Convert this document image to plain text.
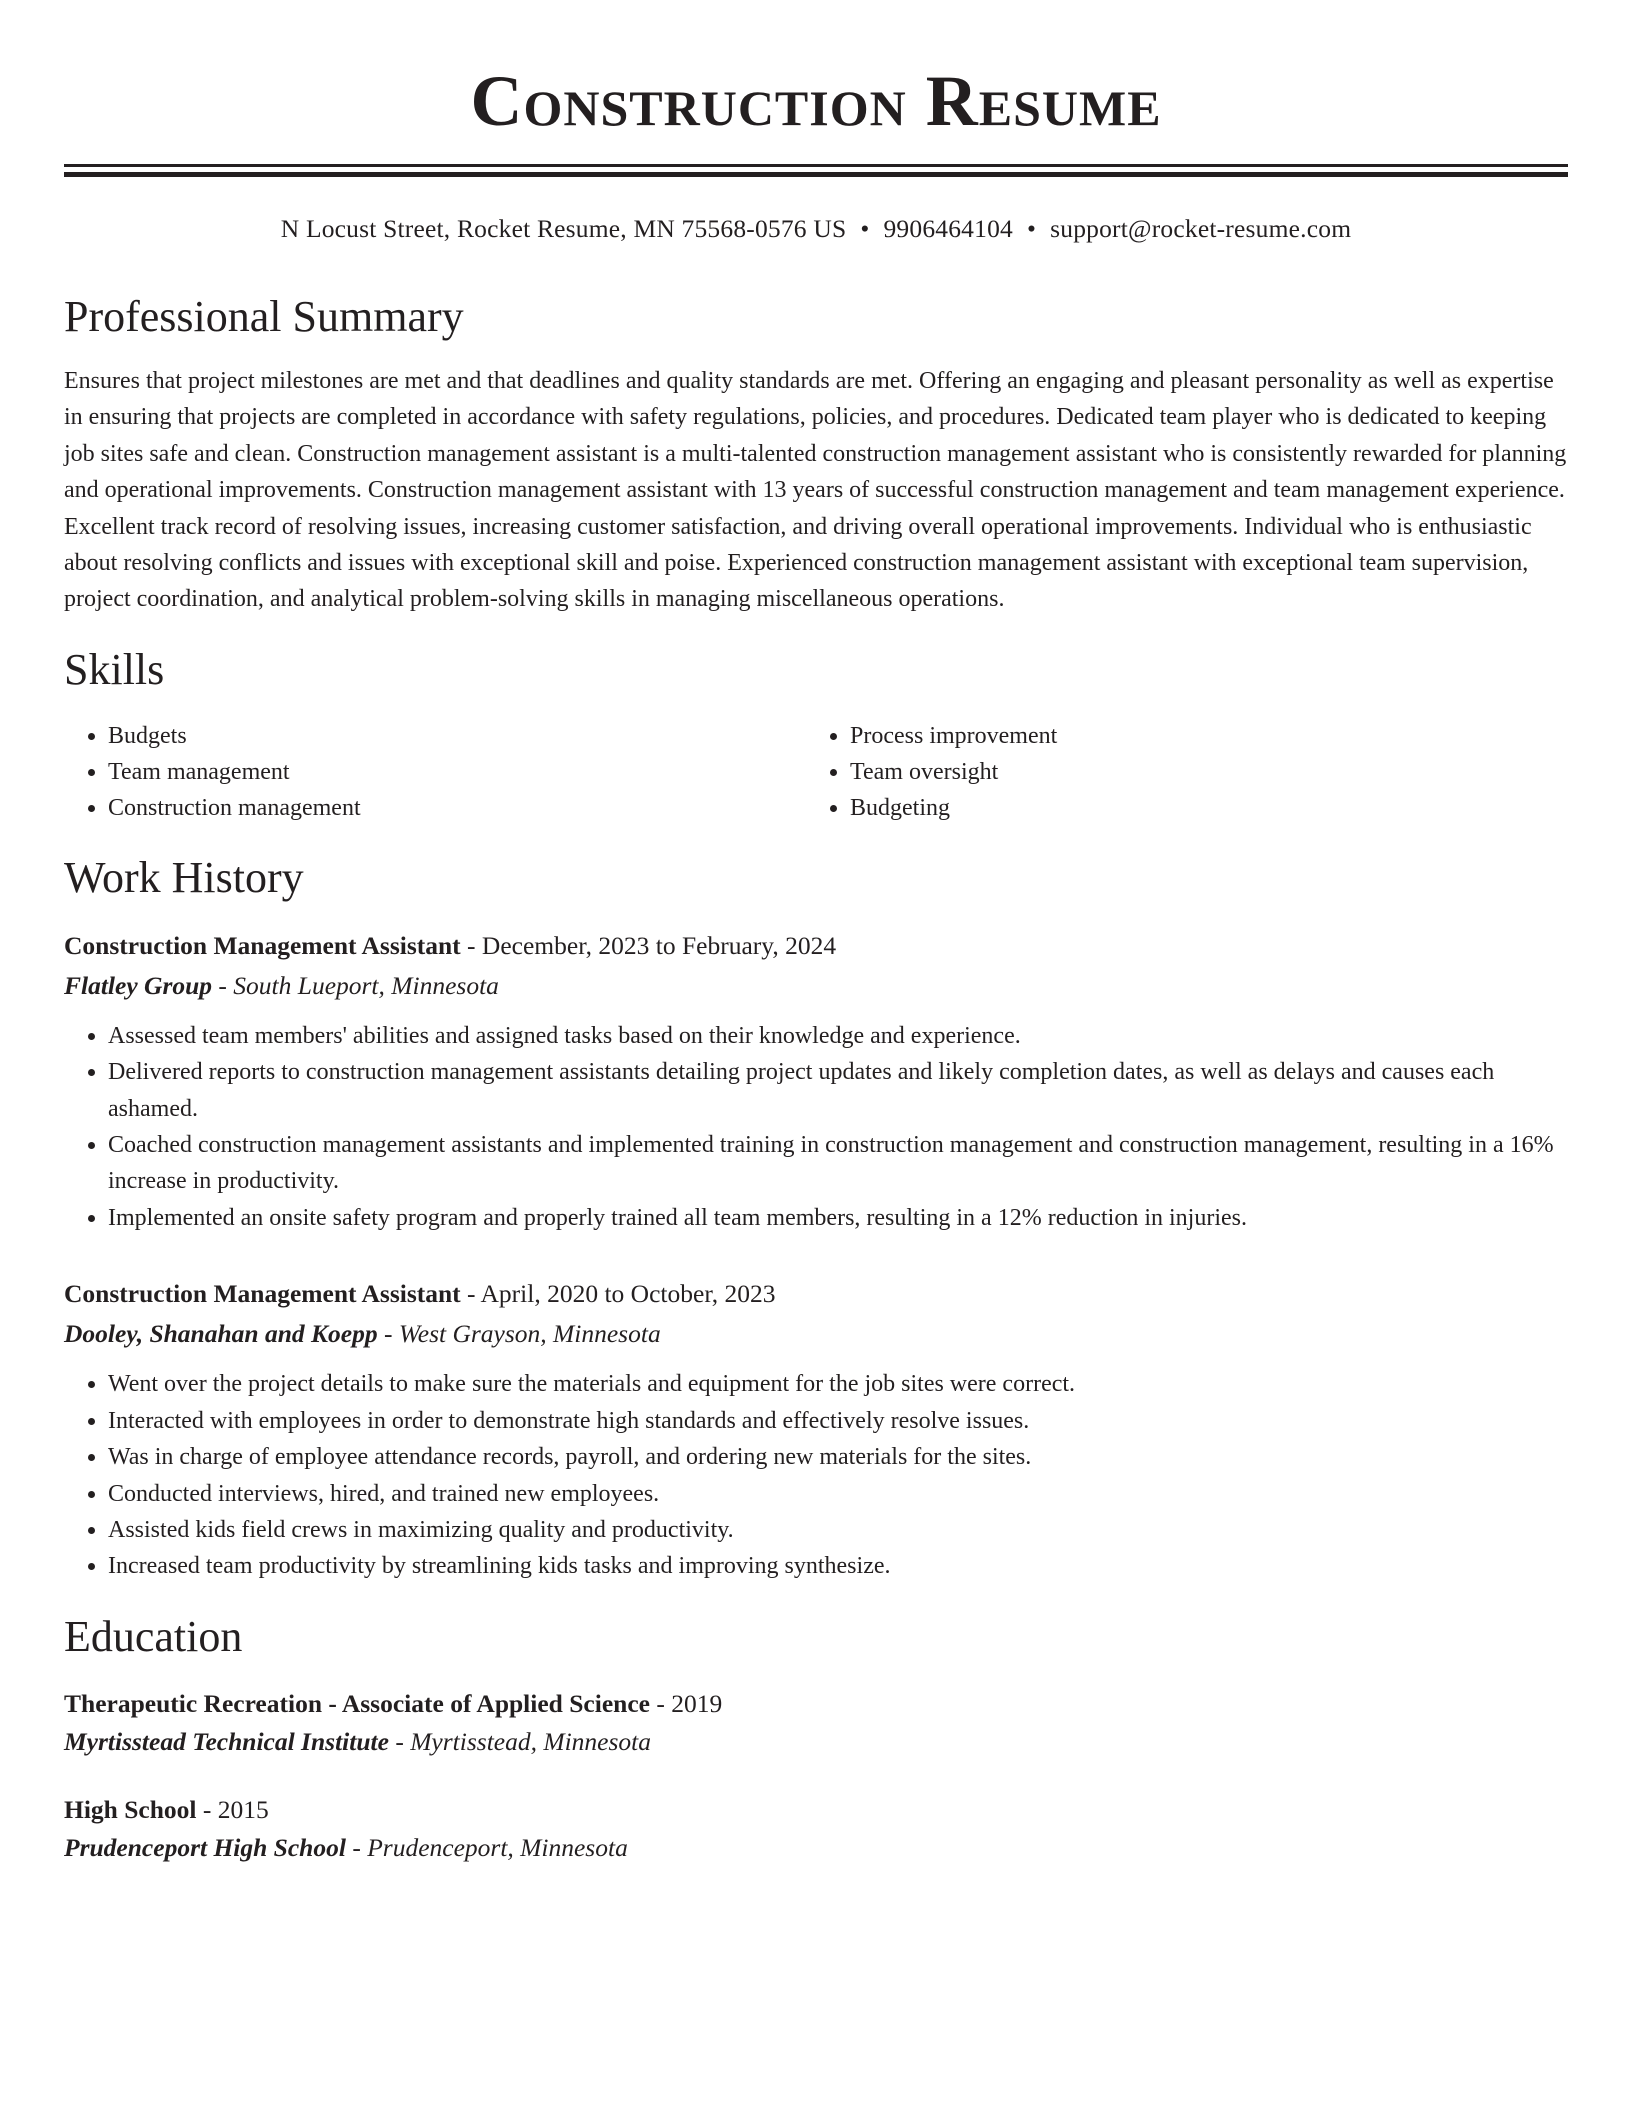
Construction Resume
N Locust Street, Rocket Resume, MN 75568-0576 US • 9906464104 • support@rocket-resume.com
Professional Summary

Ensures that project milestones are met and that deadlines and quality standards are met. Offering an engaging and pleasant personality as well as expertise in ensuring that projects are completed in accordance with safety regulations, policies, and procedures. Dedicated team player who is dedicated to keeping job sites safe and clean. Construction management assistant is a multi-talented construction management assistant who is consistently rewarded for planning and operational improvements. Construction management assistant with 13 years of successful construction management and team management experience. Excellent track record of resolving issues, increasing customer satisfaction, and driving overall operational improvements. Individual who is enthusiastic about resolving conflicts and issues with exceptional skill and poise. Experienced construction management assistant with exceptional team supervision, project coordination, and analytical problem-solving skills in managing miscellaneous operations.

Skills
• Budgets
• Team management
• Construction management
• Process improvement
• Team oversight
• Budgeting
Work History
Construction Management Assistant - December, 2023 to February, 2024
Flatley Group - South Lueport, Minnesota
• Assessed team members' abilities and assigned tasks based on their knowledge and experience.
• Delivered reports to construction management assistants detailing project updates and likely completion dates, as well as delays and causes each ashamed.
• Coached construction management assistants and implemented training in construction management and construction management, resulting in a 16% increase in productivity.
• Implemented an onsite safety program and properly trained all team members, resulting in a 12% reduction in injuries.
Construction Management Assistant - April, 2020 to October, 2023
Dooley, Shanahan and Koepp - West Grayson, Minnesota
• Went over the project details to make sure the materials and equipment for the job sites were correct.
• Interacted with employees in order to demonstrate high standards and effectively resolve issues.
• Was in charge of employee attendance records, payroll, and ordering new materials for the sites.
• Conducted interviews, hired, and trained new employees.
• Assisted kids field crews in maximizing quality and productivity.
• Increased team productivity by streamlining kids tasks and improving synthesize.
Education
Therapeutic Recreation - Associate of Applied Science - 2019
Myrtisstead Technical Institute - Myrtisstead, Minnesota
High School - 2015
Prudenceport High School - Prudenceport, Minnesota
